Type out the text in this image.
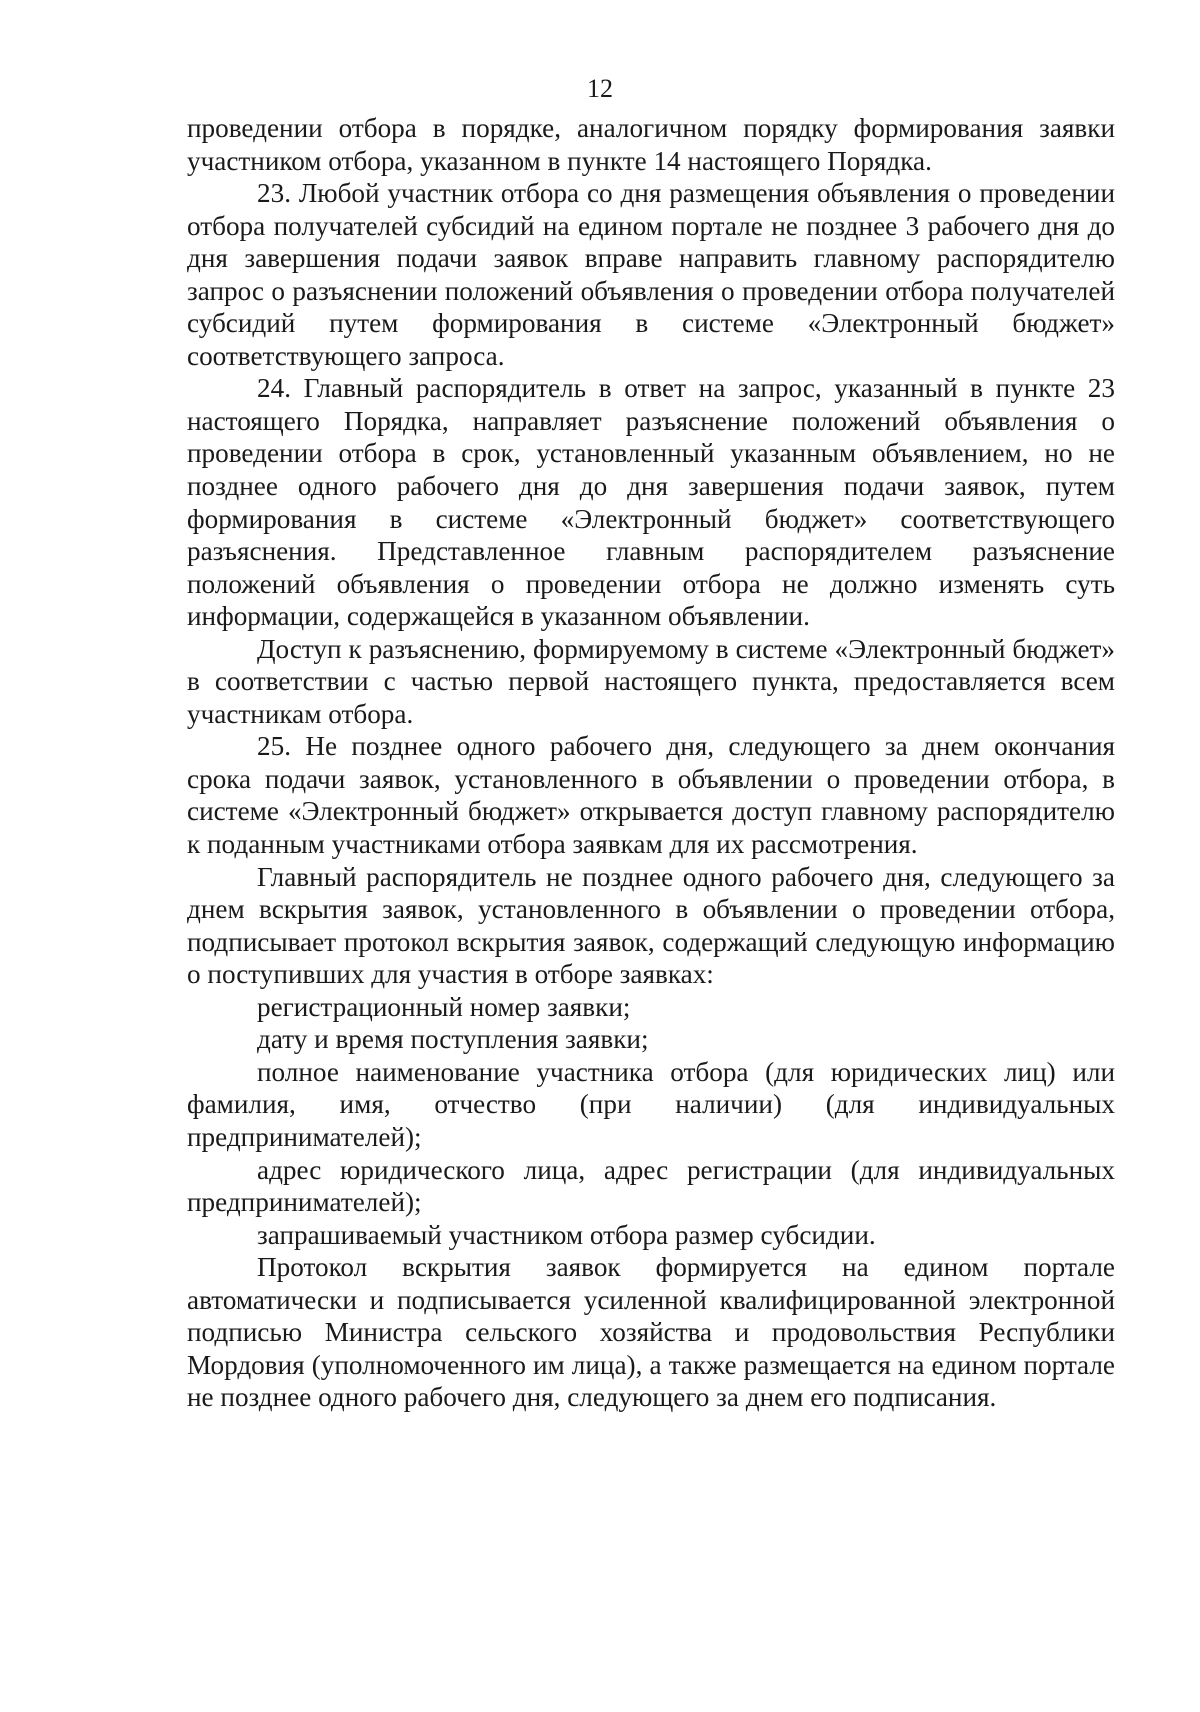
12

проведении отбора в порядке, аналогичном порядку формирования заявки участником отбора, указанном в пункте 14 настоящего Порядка.

23. Любой участник отбора со дня размещения объявления о проведении отбора получателей субсидий на едином портале не позднее 3 рабочего дня до дня завершения подачи заявок вправе направить главному распорядителю запрос о разъяснении положений объявления о проведении отбора получателей субсидий путем формирования в системе «Электронный бюджет» соответствующего запроса.

24. Главный распорядитель в ответ на запрос, указанный в пункте 23 настоящего Порядка, направляет разъяснение положений объявления о проведении отбора в срок, установленный указанным объявлением, но не позднее одного рабочего дня до дня завершения подачи заявок, путем формирования в системе «Электронный бюджет» соответствующего разъяснения. Представленное главным распорядителем разъяснение положений объявления о проведении отбора не должно изменять суть информации, содержащейся в указанном объявлении.

Доступ к разъяснению, формируемому в системе «Электронный бюджет» в соответствии с частью первой настоящего пункта, предоставляется всем участникам отбора.

25. Не позднее одного рабочего дня, следующего за днем окончания срока подачи заявок, установленного в объявлении о проведении отбора, в системе «Электронный бюджет» открывается доступ главному распорядителю к поданным участниками отбора заявкам для их рассмотрения.

Главный распорядитель не позднее одного рабочего дня, следующего за днем вскрытия заявок, установленного в объявлении о проведении отбора, подписывает протокол вскрытия заявок, содержащий следующую информацию о поступивших для участия в отборе заявках:

регистрационный номер заявки;

дату и время поступления заявки;

полное наименование участника отбора (для юридических лиц) или фамилия, имя, отчество (при наличии) (для индивидуальных предпринимателей);

адрес юридического лица, адрес регистрации (для индивидуальных предпринимателей);

запрашиваемый участником отбора размер субсидии.

Протокол вскрытия заявок формируется на едином портале автоматически и подписывается усиленной квалифицированной электронной подписью Министра сельского хозяйства и продовольствия Республики Мордовия (уполномоченного им лица), а также размещается на едином портале не позднее одного рабочего дня, следующего за днем его подписания.
